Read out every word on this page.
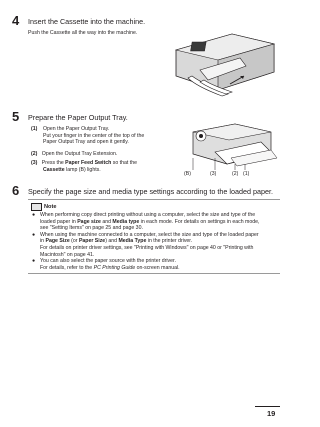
4 Insert the Cassette into the machine.
Push the Cassette all the way into the machine.
5 Prepare the Paper Output Tray.
(1) Open the Paper Output Tray.
Put your finger in the center of the top of the
Paper Output Tray and open it gently.
(2) Open the Output Tray Extension.
(3) Press the Paper Feed Switch so that the
Cassette lamp (B) lights.
(B)	(3)	(2) (1)
6 Specify the page size and media type settings according to the loaded paper.
Note
● When performing copy direct printing without using a computer, select the size and type of the
loaded paper in Page size and Media type in each mode. For details on settings in each mode,
see "Setting Items" on page 25 and page 30.
● When using the machine connected to a computer, select the size and type of the loaded paper
in Page Size (or Paper Size) and Media Type in the printer driver.
For details on printer driver settings, see "Printing with Windows" on page 40 or "Printing with
Macintosh" on page 41.
● You can also select the paper source with the printer driver.
For details, refer to the PC Printing Guide on-screen manual.
19
